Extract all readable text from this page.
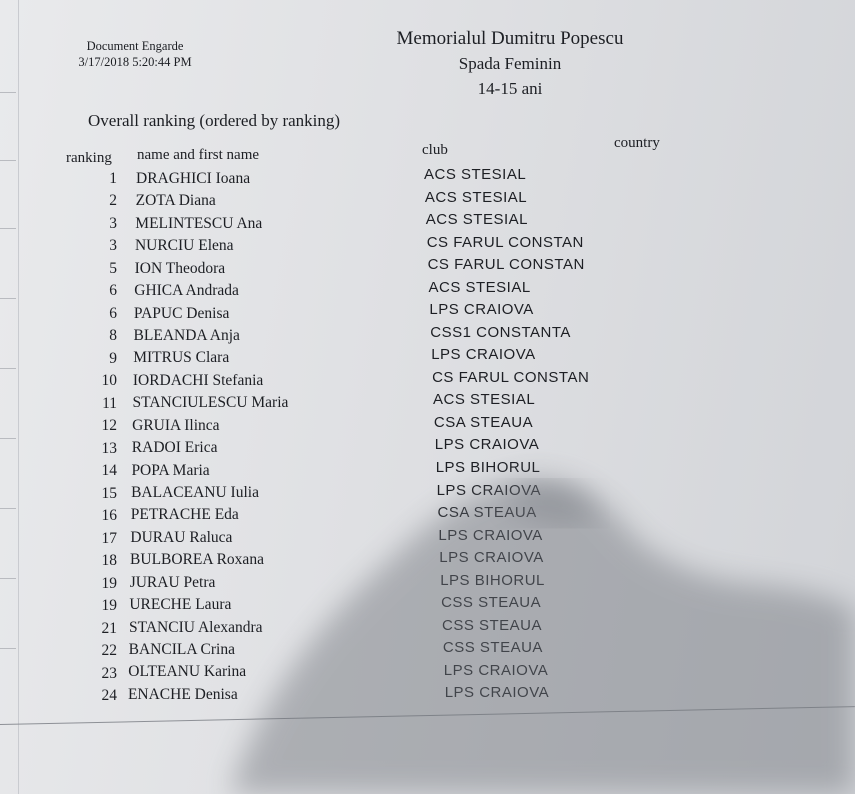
Document Engarde
3/17/2018 5:20:44 PM
Memorialul Dumitru Popescu
Spada Feminin
14-15 ani
Overall ranking (ordered by ranking)
ranking name and first name	club	country
1 DRAGHICI Ioana	ACS STESIAL
2 ZOTA Diana	ACS STESIAL
3 MELINTESCU Ana	ACS STESIAL
3 NURCIU Elena	CS FARUL CONSTAN
5 ION Theodora	CS FARUL CONSTAN
6 GHICA Andrada	ACS STESIAL
6 PAPUC Denisa	LPS CRAIOVA
8 BLEANDA Anja	CSS1 CONSTANTA
9 MITRUS Clara	LPS CRAIOVA
10 IORDACHI Stefania	CS FARUL CONSTAN
11 STANCIULESCU Maria	ACS STESIAL
12 GRUIA Ilinca	CSA STEAUA
13 RADOI Erica	LPS CRAIOVA
14 POPA Maria	LPS BIHORUL
15 BALACEANU Iulia	LPS CRAIOVA
16 PETRACHE Eda	CSA STEAUA
17 DURAU Raluca	LPS CRAIOVA
18 BULBOREA Roxana	LPS CRAIOVA
19 JURAU Petra	LPS BIHORUL
19 URECHE Laura	CSS STEAUA
21 STANCIU Alexandra	CSS STEAUA
22 BANCILA Crina	CSS STEAUA
23 OLTEANU Karina	LPS CRAIOVA
24 ENACHE Denisa	LPS CRAIOVA
